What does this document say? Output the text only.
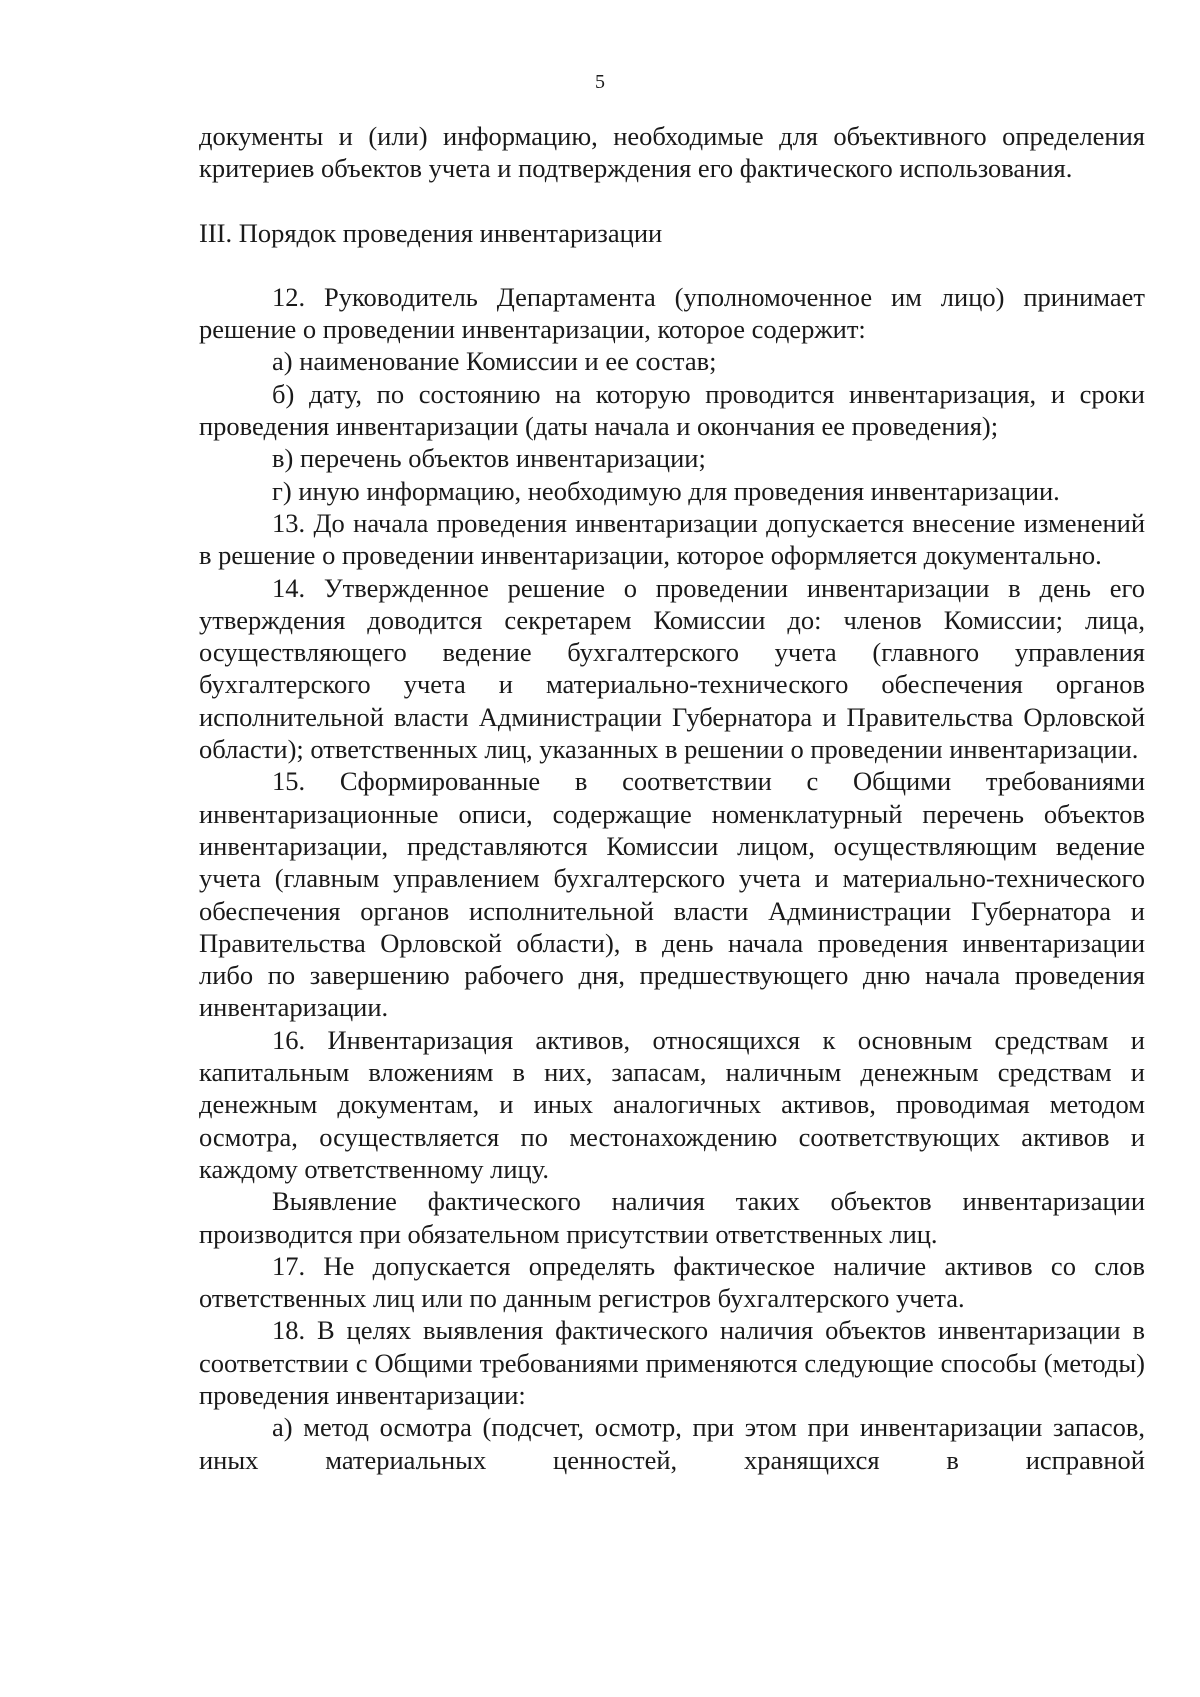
5

документы и (или) информацию, необходимые для объективного определения критериев объектов учета и подтверждения его фактического использования.

III. Порядок проведения инвентаризации

12. Руководитель Департамента (уполномоченное им лицо) принимает решение о проведении инвентаризации, которое содержит:

а) наименование Комиссии и ее состав;

б) дату, по состоянию на которую проводится инвентаризация, и сроки проведения инвентаризации (даты начала и окончания ее проведения);

в) перечень объектов инвентаризации;

г) иную информацию, необходимую для проведения инвентаризации.

13. До начала проведения инвентаризации допускается внесение изменений в решение о проведении инвентаризации, которое оформляется документально.

14. Утвержденное решение о проведении инвентаризации в день его утверждения доводится секретарем Комиссии до: членов Комиссии; лица, осуществляющего ведение бухгалтерского учета (главного управления бухгалтерского учета и материально-технического обеспечения органов исполнительной власти Администрации Губернатора и Правительства Орловской области); ответственных лиц, указанных в решении о проведении инвентаризации.

15. Сформированные в соответствии с Общими требованиями инвентаризационные описи, содержащие номенклатурный перечень объектов инвентаризации, представляются Комиссии лицом, осуществляющим ведение учета (главным управлением бухгалтерского учета и материально-технического обеспечения органов исполнительной власти Администрации Губернатора и Правительства Орловской области), в день начала проведения инвентаризации либо по завершению рабочего дня, предшествующего дню начала проведения инвентаризации.

16. Инвентаризация активов, относящихся к основным средствам и капитальным вложениям в них, запасам, наличным денежным средствам и денежным документам, и иных аналогичных активов, проводимая методом осмотра, осуществляется по местонахождению соответствующих активов и каждому ответственному лицу.

Выявление фактического наличия таких объектов инвентаризации производится при обязательном присутствии ответственных лиц.

17. Не допускается определять фактическое наличие активов со слов ответственных лиц или по данным регистров бухгалтерского учета.

18. В целях выявления фактического наличия объектов инвентаризации в соответствии с Общими требованиями применяются следующие способы (методы) проведения инвентаризации:

а) метод осмотра (подсчет, осмотр, при этом при инвентаризации запасов, иных материальных ценностей, хранящихся в исправной
